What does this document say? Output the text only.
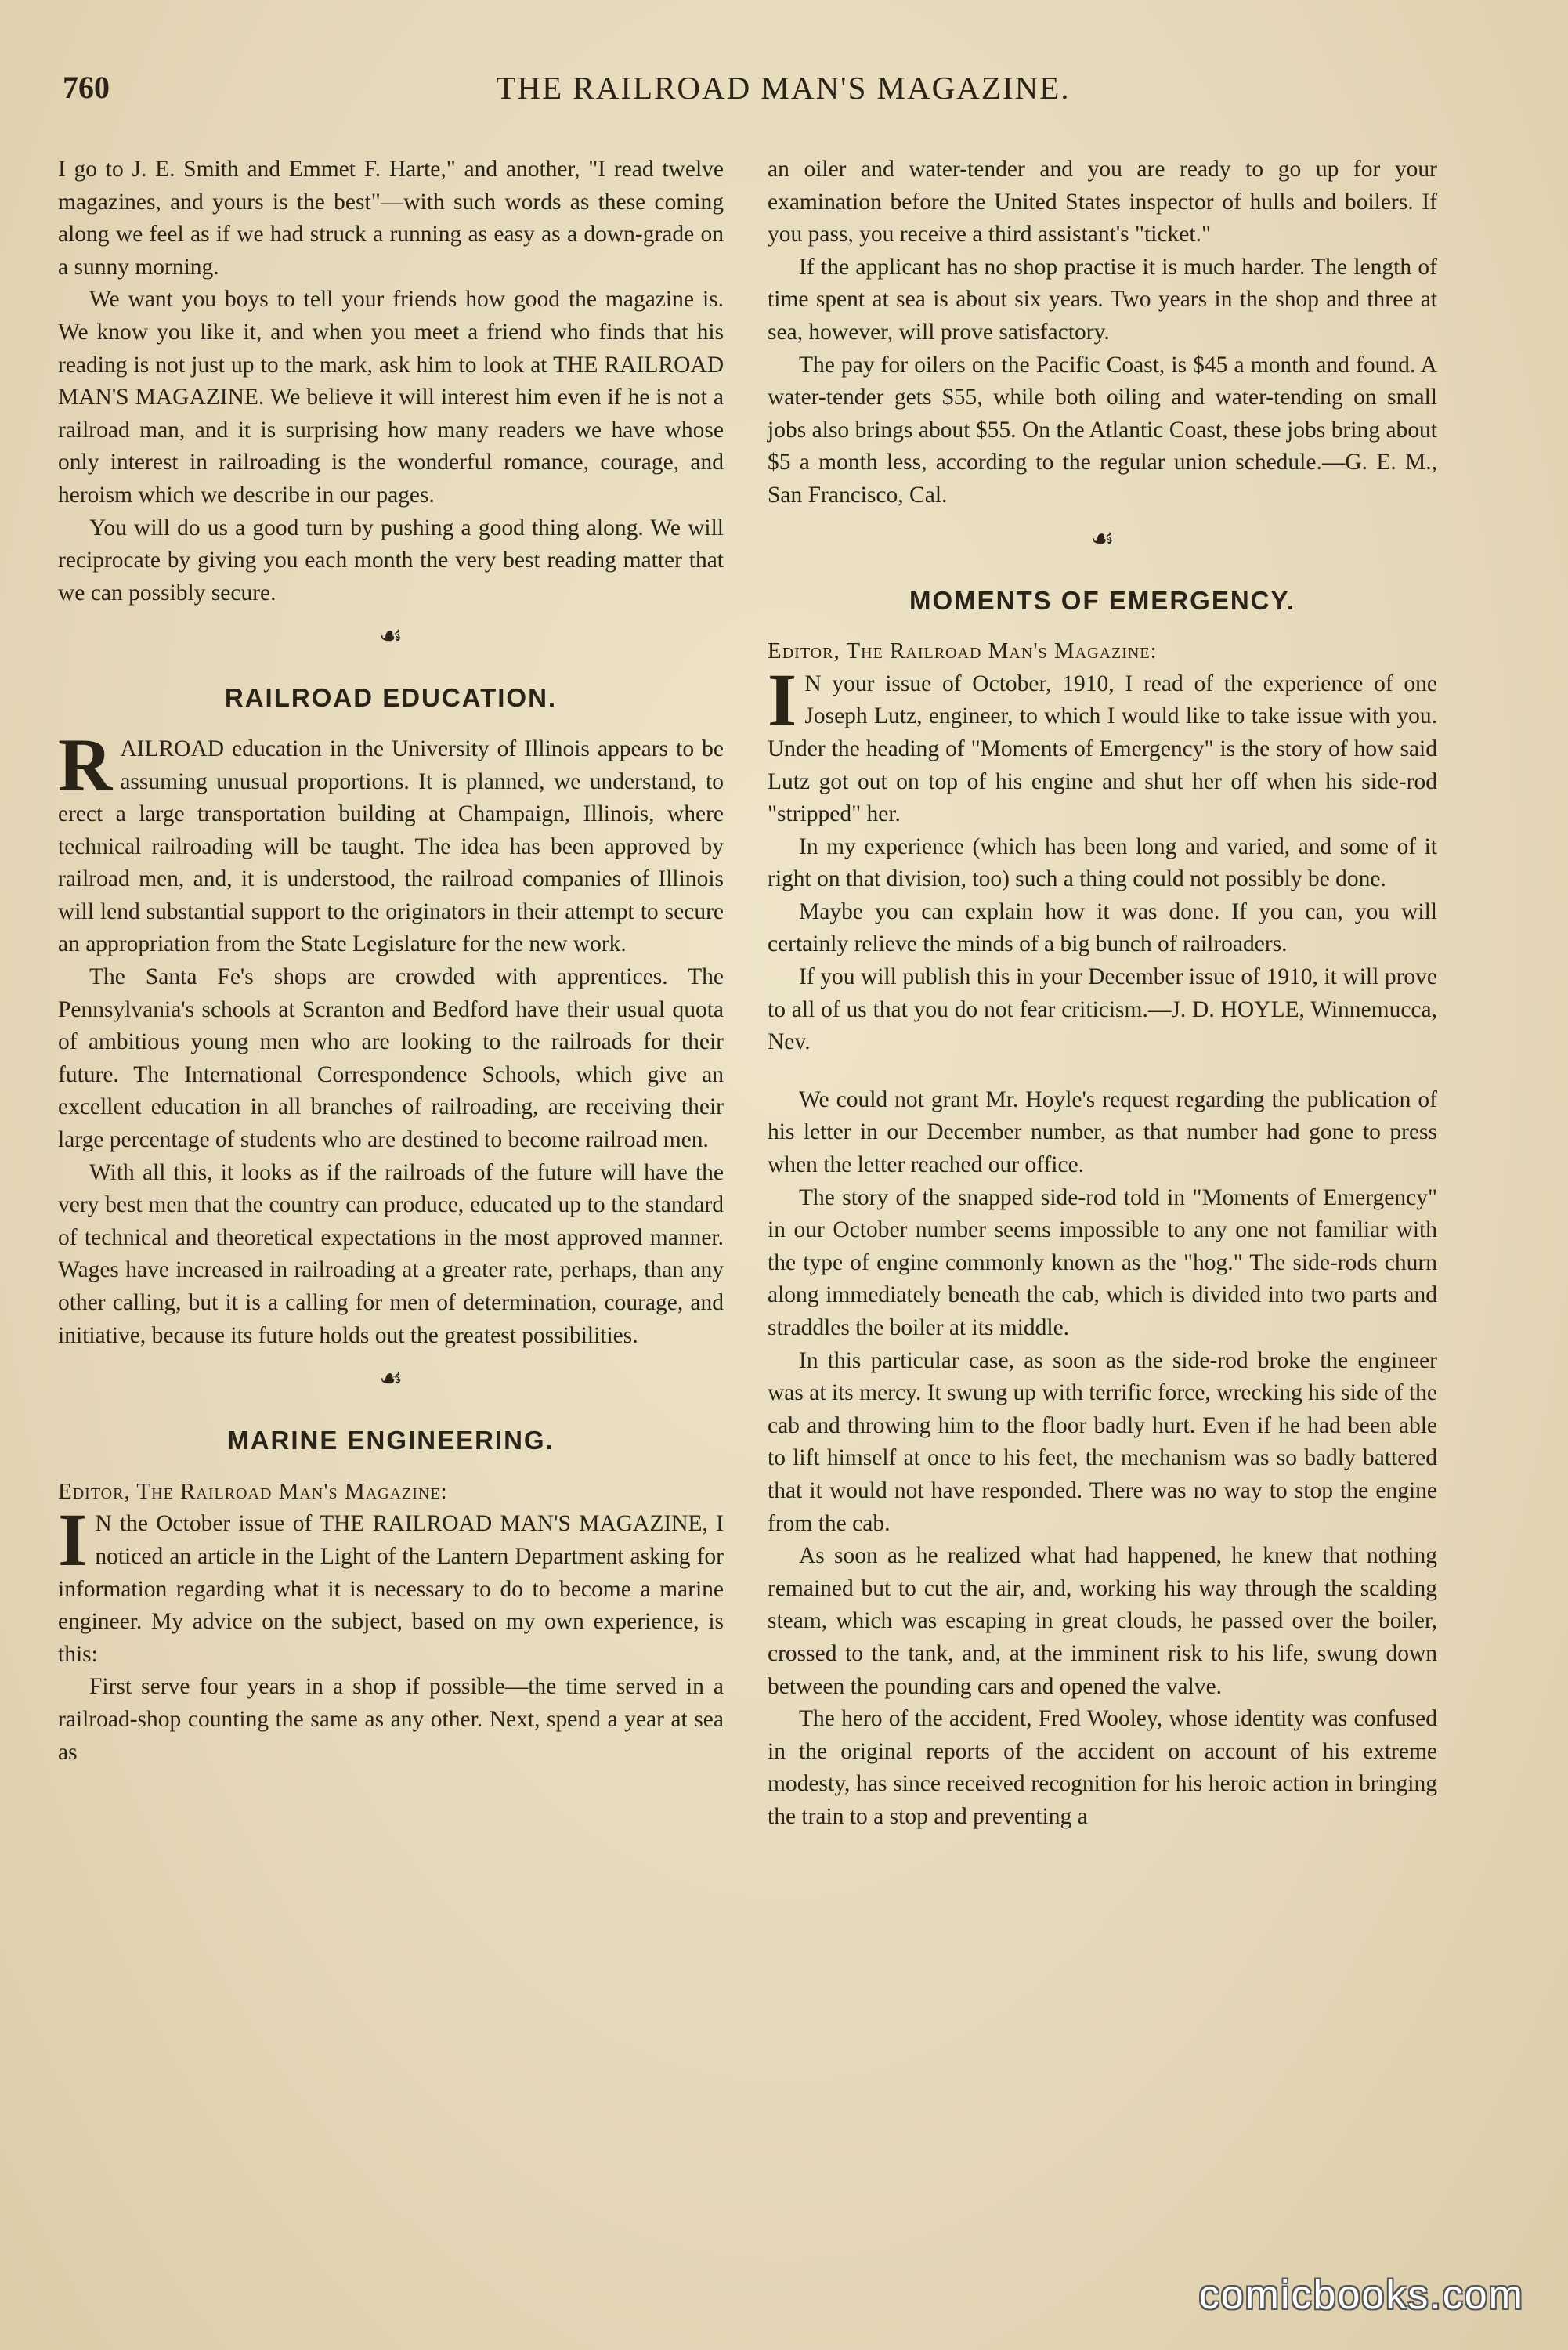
760	THE RAILROAD MAN'S MAGAZINE.

I go to J. E. Smith and Emmet F. Harte," and another, "I read twelve magazines, and yours is the best"—with such words as these coming along we feel as if we had struck a running as easy as a down-grade on a sunny morning.

We want you boys to tell your friends how good the magazine is. We know you like it, and when you meet a friend who finds that his reading is not just up to the mark, ask him to look at THE RAILROAD MAN'S MAGAZINE. We believe it will interest him even if he is not a railroad man, and it is surprising how many readers we have whose only interest in railroading is the wonderful romance, courage, and heroism which we describe in our pages.

You will do us a good turn by pushing a good thing along. We will reciprocate by giving you each month the very best reading matter that we can possibly secure.

☙
RAILROAD EDUCATION.

RAILROAD education in the University of Illinois appears to be assuming unusual proportions. It is planned, we understand, to erect a large transportation building at Champaign, Illinois, where technical railroading will be taught. The idea has been approved by railroad men, and, it is understood, the railroad companies of Illinois will lend substantial support to the originators in their attempt to secure an appropriation from the State Legislature for the new work.

The Santa Fe's shops are crowded with apprentices. The Pennsylvania's schools at Scranton and Bedford have their usual quota of ambitious young men who are looking to the railroads for their future. The International Correspondence Schools, which give an excellent education in all branches of railroading, are receiving their large percentage of students who are destined to become railroad men.

With all this, it looks as if the railroads of the future will have the very best men that the country can produce, educated up to the standard of technical and theoretical expectations in the most approved manner. Wages have increased in railroading at a greater rate, perhaps, than any other calling, but it is a calling for men of determination, courage, and initiative, because its future holds out the greatest possibilities.

☙
MARINE ENGINEERING.

Editor, The Railroad Man's Magazine:

I N the October issue of THE RAILROAD MAN'S MAGAZINE, I noticed an article in the Light of the Lantern Department asking for information regarding what it is necessary to do to become a marine engineer. My advice on the subject, based on my own experience, is this:

First serve four years in a shop if possible—the time served in a railroad-shop counting the same as any other. Next, spend a year at sea as

an oiler and water-tender and you are ready to go up for your examination before the United States inspector of hulls and boilers. If you pass, you receive a third assistant's "ticket."

If the applicant has no shop practise it is much harder. The length of time spent at sea is about six years. Two years in the shop and three at sea, however, will prove satisfactory.

The pay for oilers on the Pacific Coast, is $45 a month and found. A water-tender gets $55, while both oiling and water-tending on small jobs also brings about $55. On the Atlantic Coast, these jobs bring about $5 a month less, according to the regular union schedule.—G. E. M., San Francisco, Cal.

☙
MOMENTS OF EMERGENCY.

Editor, The Railroad Man's Magazine:

I N your issue of October, 1910, I read of the experience of one Joseph Lutz, engineer, to which I would like to take issue with you. Under the heading of "Moments of Emergency" is the story of how said Lutz got out on top of his engine and shut her off when his side-rod "stripped" her.

In my experience (which has been long and varied, and some of it right on that division, too) such a thing could not possibly be done.

Maybe you can explain how it was done. If you can, you will certainly relieve the minds of a big bunch of railroaders.

If you will publish this in your December issue of 1910, it will prove to all of us that you do not fear criticism.—J. D. HOYLE, Winnemucca, Nev.

We could not grant Mr. Hoyle's request regarding the publication of his letter in our December number, as that number had gone to press when the letter reached our office.

The story of the snapped side-rod told in "Moments of Emergency" in our October number seems impossible to any one not familiar with the type of engine commonly known as the "hog." The side-rods churn along immediately beneath the cab, which is divided into two parts and straddles the boiler at its middle.

In this particular case, as soon as the side-rod broke the engineer was at its mercy. It swung up with terrific force, wrecking his side of the cab and throwing him to the floor badly hurt. Even if he had been able to lift himself at once to his feet, the mechanism was so badly battered that it would not have responded. There was no way to stop the engine from the cab.

As soon as he realized what had happened, he knew that nothing remained but to cut the air, and, working his way through the scalding steam, which was escaping in great clouds, he passed over the boiler, crossed to the tank, and, at the imminent risk to his life, swung down between the pounding cars and opened the valve.

The hero of the accident, Fred Wooley, whose identity was confused in the original reports of the accident on account of his extreme modesty, has since received recognition for his heroic action in bringing the train to a stop and preventing a

comicbooks.com
